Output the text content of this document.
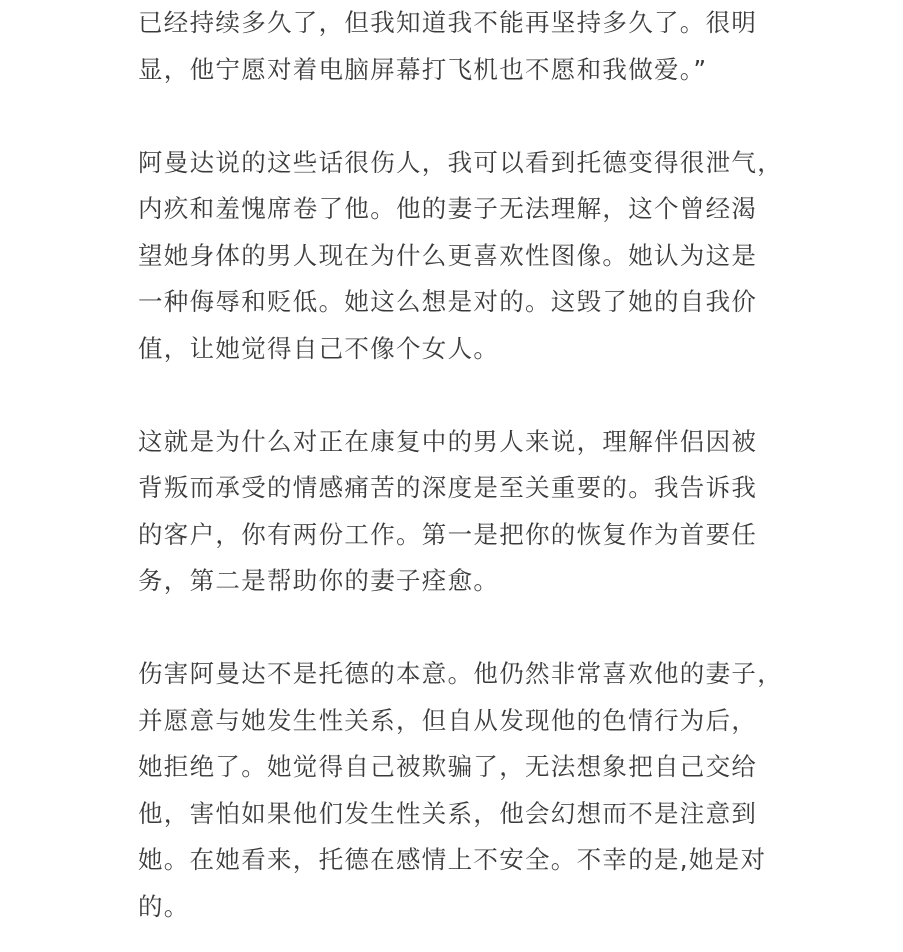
已经持续多久了，但我知道我不能再坚持多久了。很明
显，他宁愿对着电脑屏幕打飞机也不愿和我做爱。”
阿曼达说的这些话很伤人，我可以看到托德变得很泄气，
内疚和羞愧席卷了他。他的妻子无法理解，这个曾经渴
望她身体的男人现在为什么更喜欢性图像。她认为这是
一种侮辱和贬低。她这么想是对的。这毁了她的自我价
值，让她觉得自己不像个女人。
这就是为什么对正在康复中的男人来说，理解伴侣因被
背叛而承受的情感痛苦的深度是至关重要的。我告诉我
的客户，你有两份工作。第一是把你的恢复作为首要任
务，第二是帮助你的妻子痊愈。
伤害阿曼达不是托德的本意。他仍然非常喜欢他的妻子，
并愿意与她发生性关系，但自从发现他的色情行为后，
她拒绝了。她觉得自己被欺骗了，无法想象把自己交给
他，害怕如果他们发生性关系，他会幻想而不是注意到
她。在她看来，托德在感情上不安全。不幸的是,她是对
的。
